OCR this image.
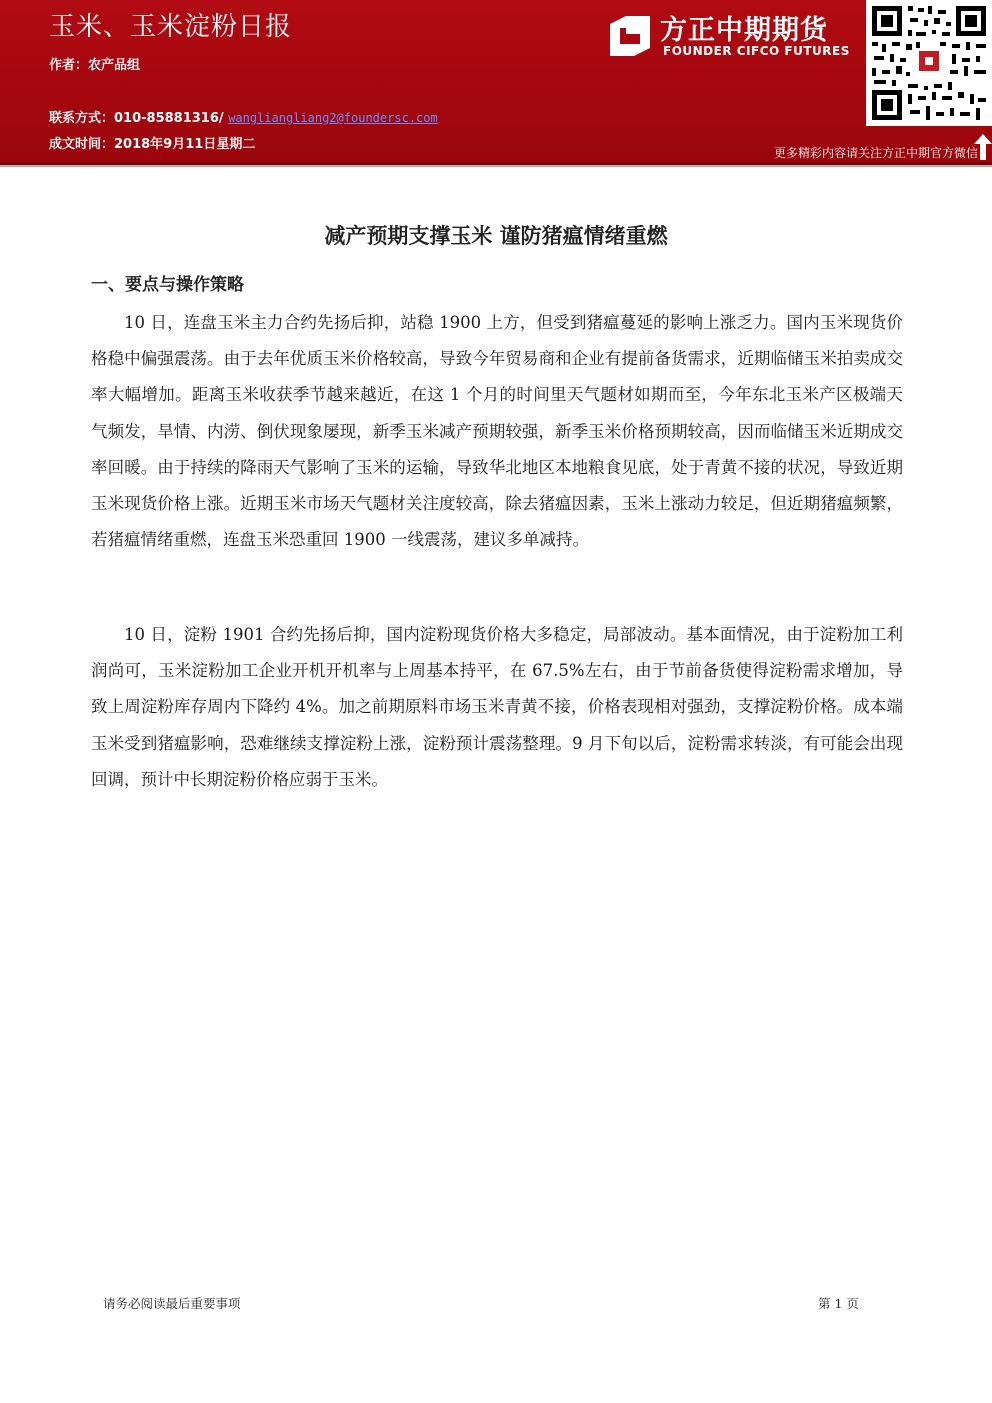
玉米、玉米淀粉日报
作者：农产品组
联系方式：010-85881316/ wangliangliang2@foundersc.com
成文时间：2018年9月11日星期二
方正中期期货
FOUNDER CIFCO FUTURES
更多精彩内容请关注方正中期官方微信
减产预期支撑玉米 谨防猪瘟情绪重燃
一、要点与操作策略
10 日，连盘玉米主力合约先扬后抑，站稳 1900 上方，但受到猪瘟蔓延的影响上涨乏力。国内玉米现货价格稳中偏强震荡。由于去年优质玉米价格较高，导致今年贸易商和企业有提前备货需求，近期临储玉米拍卖成交率大幅增加。距离玉米收获季节越来越近，在这 1 个月的时间里天气题材如期而至，今年东北玉米产区极端天气频发，旱情、内涝、倒伏现象屡现，新季玉米减产预期较强，新季玉米价格预期较高，因而临储玉米近期成交率回暖。由于持续的降雨天气影响了玉米的运输，导致华北地区本地粮食见底，处于青黄不接的状况，导致近期玉米现货价格上涨。近期玉米市场天气题材关注度较高，除去猪瘟因素，玉米上涨动力较足，但近期猪瘟频繁，若猪瘟情绪重燃，连盘玉米恐重回 1900 一线震荡，建议多单减持。
10 日，淀粉 1901 合约先扬后抑，国内淀粉现货价格大多稳定，局部波动。基本面情况，由于淀粉加工利润尚可，玉米淀粉加工企业开机开机率与上周基本持平，在 67.5%左右，由于节前备货使得淀粉需求增加，导致上周淀粉库存周内下降约 4%。加之前期原料市场玉米青黄不接，价格表现相对强劲，支撑淀粉价格。成本端玉米受到猪瘟影响，恐难继续支撑淀粉上涨，淀粉预计震荡整理。9 月下旬以后，淀粉需求转淡，有可能会出现回调，预计中长期淀粉价格应弱于玉米。
请务必阅读最后重要事项	第 1 页
